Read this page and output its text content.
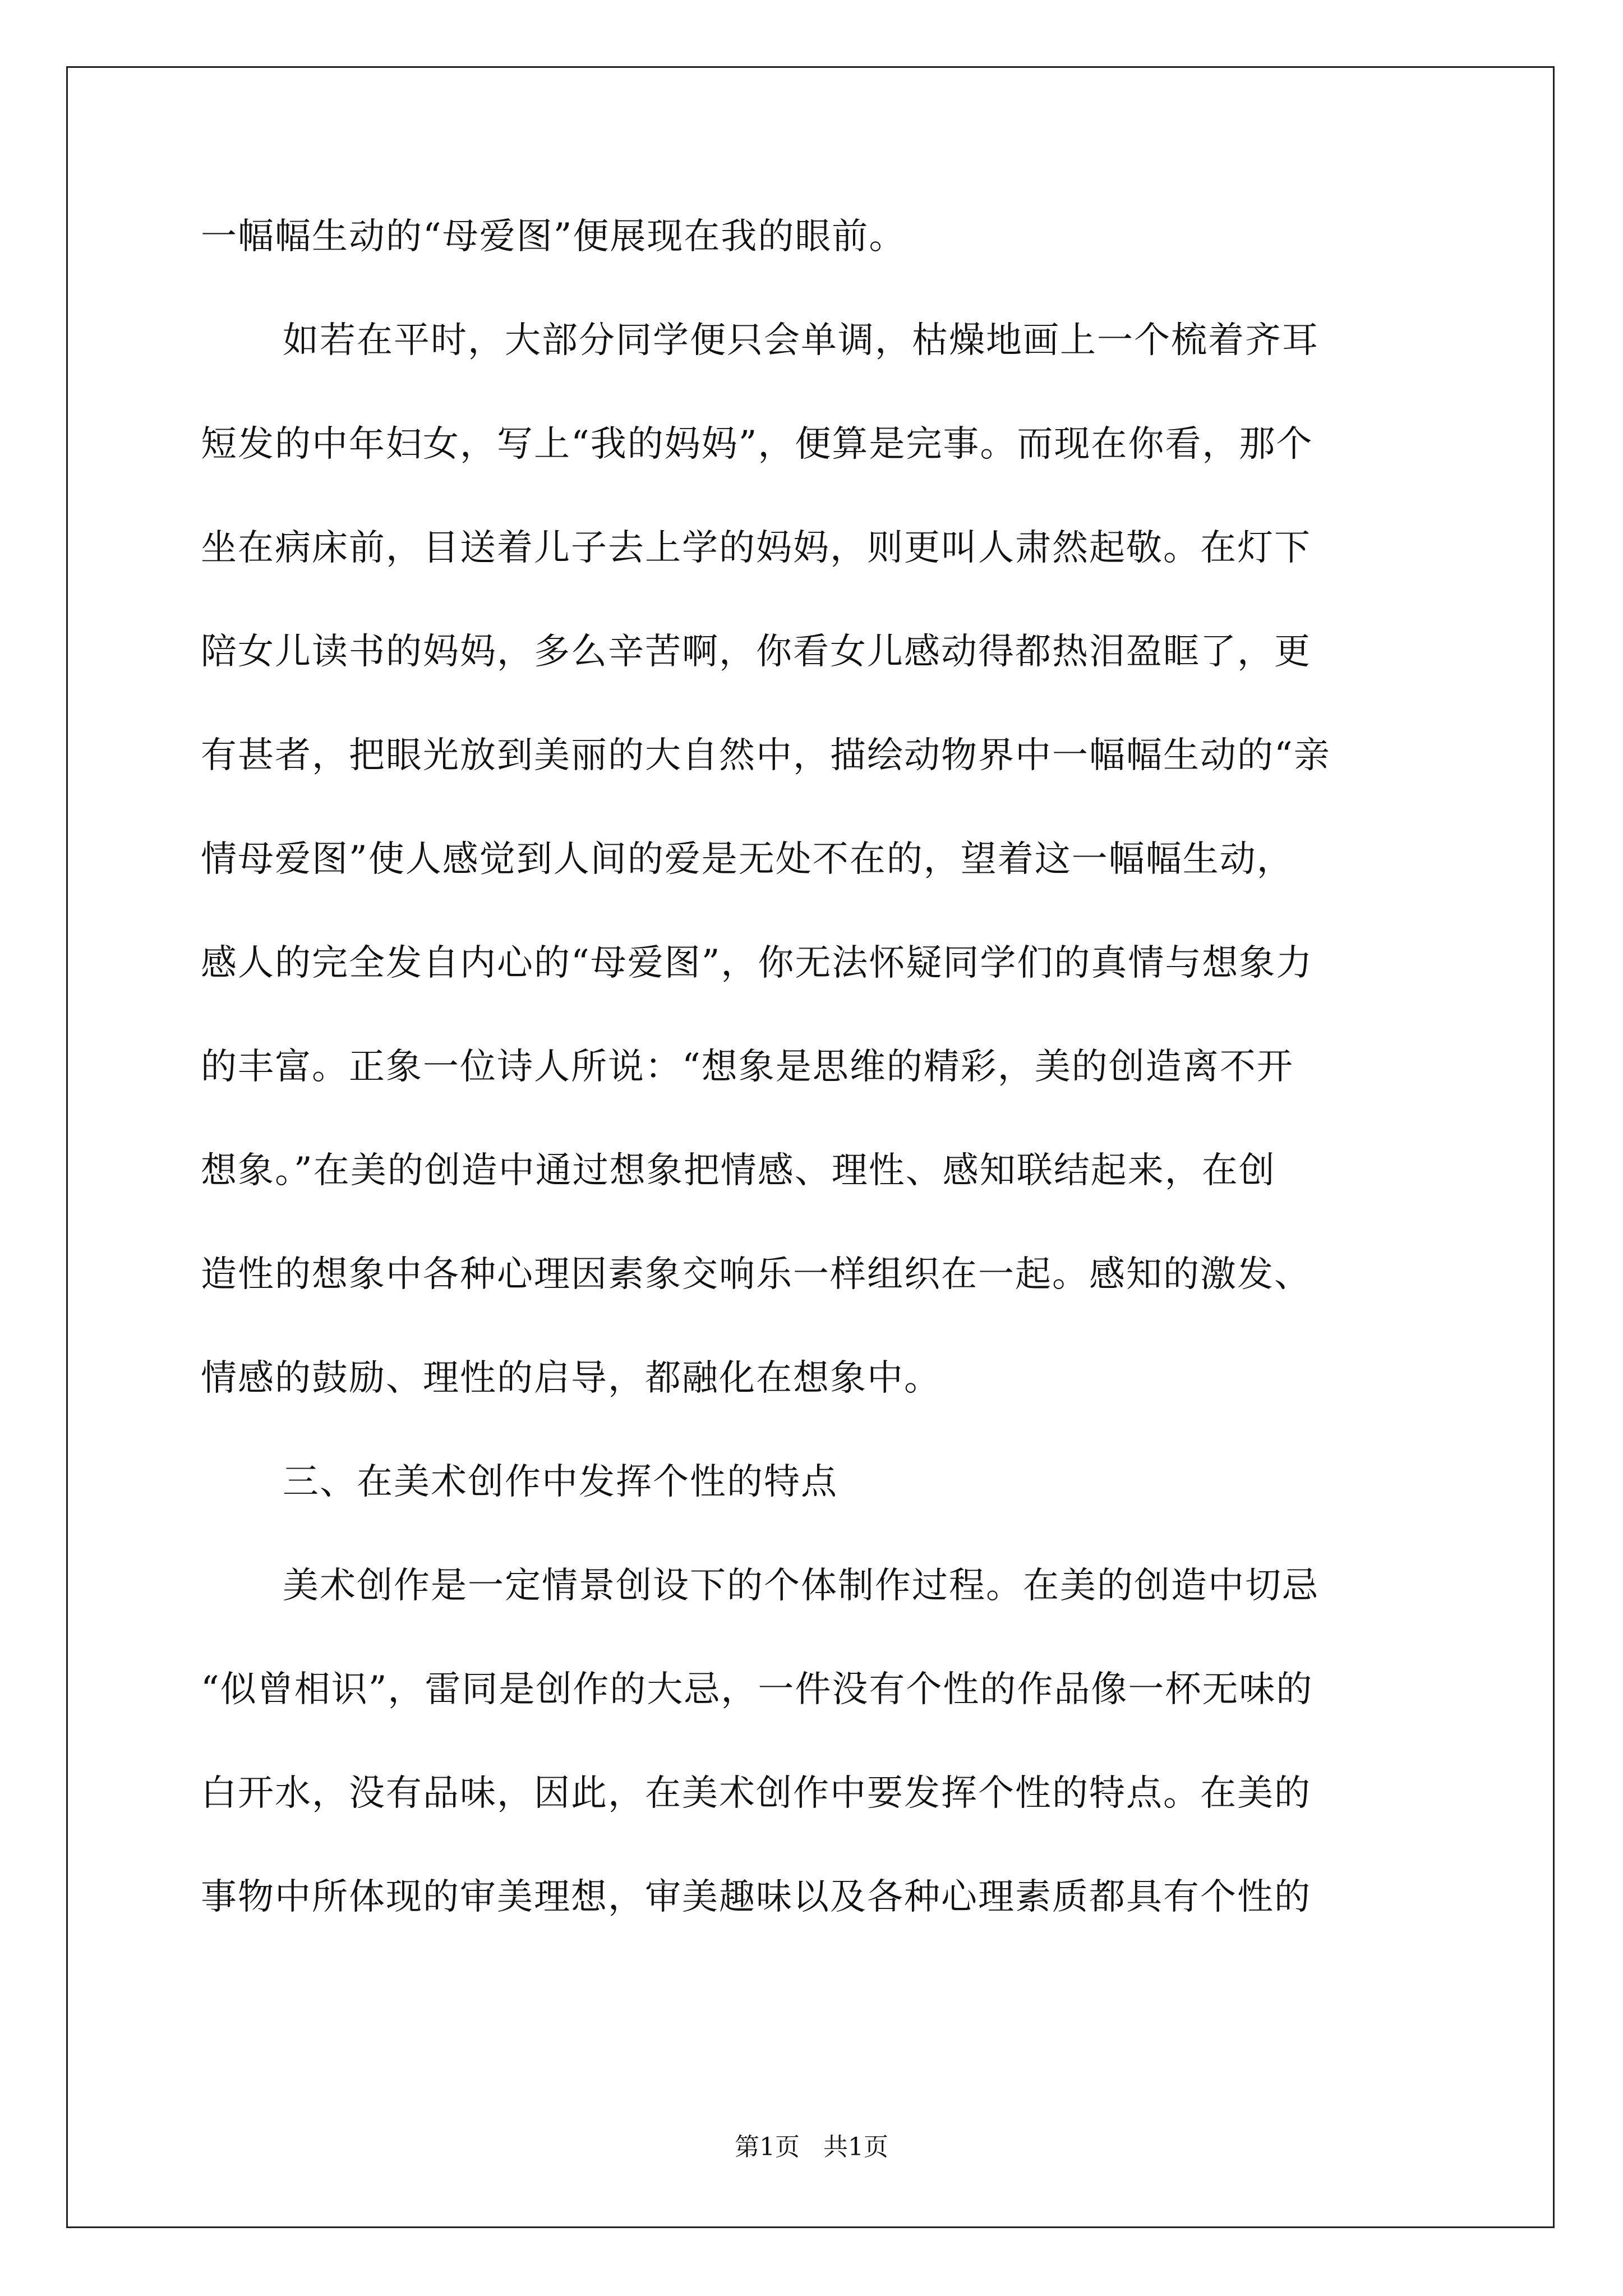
一幅幅生动的“母爱图”便展现在我的眼前。
如若在平时，大部分同学便只会单调，枯燥地画上一个梳着齐耳
短发的中年妇女，写上“我的妈妈”，便算是完事。而现在你看，那个
坐在病床前，目送着儿子去上学的妈妈，则更叫人肃然起敬。在灯下
陪女儿读书的妈妈，多么辛苦啊，你看女儿感动得都热泪盈眶了，更
有甚者，把眼光放到美丽的大自然中，描绘动物界中一幅幅生动的“亲
情母爱图”使人感觉到人间的爱是无处不在的，望着这一幅幅生动，
感人的完全发自内心的“母爱图”，你无法怀疑同学们的真情与想象力
的丰富。正象一位诗人所说：“想象是思维的精彩，美的创造离不开
想象。”在美的创造中通过想象把情感、理性、感知联结起来，在创
造性的想象中各种心理因素象交响乐一样组织在一起。感知的激发、
情感的鼓励、理性的启导，都融化在想象中。
三、在美术创作中发挥个性的特点
美术创作是一定情景创设下的个体制作过程。在美的创造中切忌
“似曾相识”，雷同是创作的大忌，一件没有个性的作品像一杯无味的
白开水，没有品味，因此，在美术创作中要发挥个性的特点。在美的
事物中所体现的审美理想，审美趣味以及各种心理素质都具有个性的
第1页 共1页
